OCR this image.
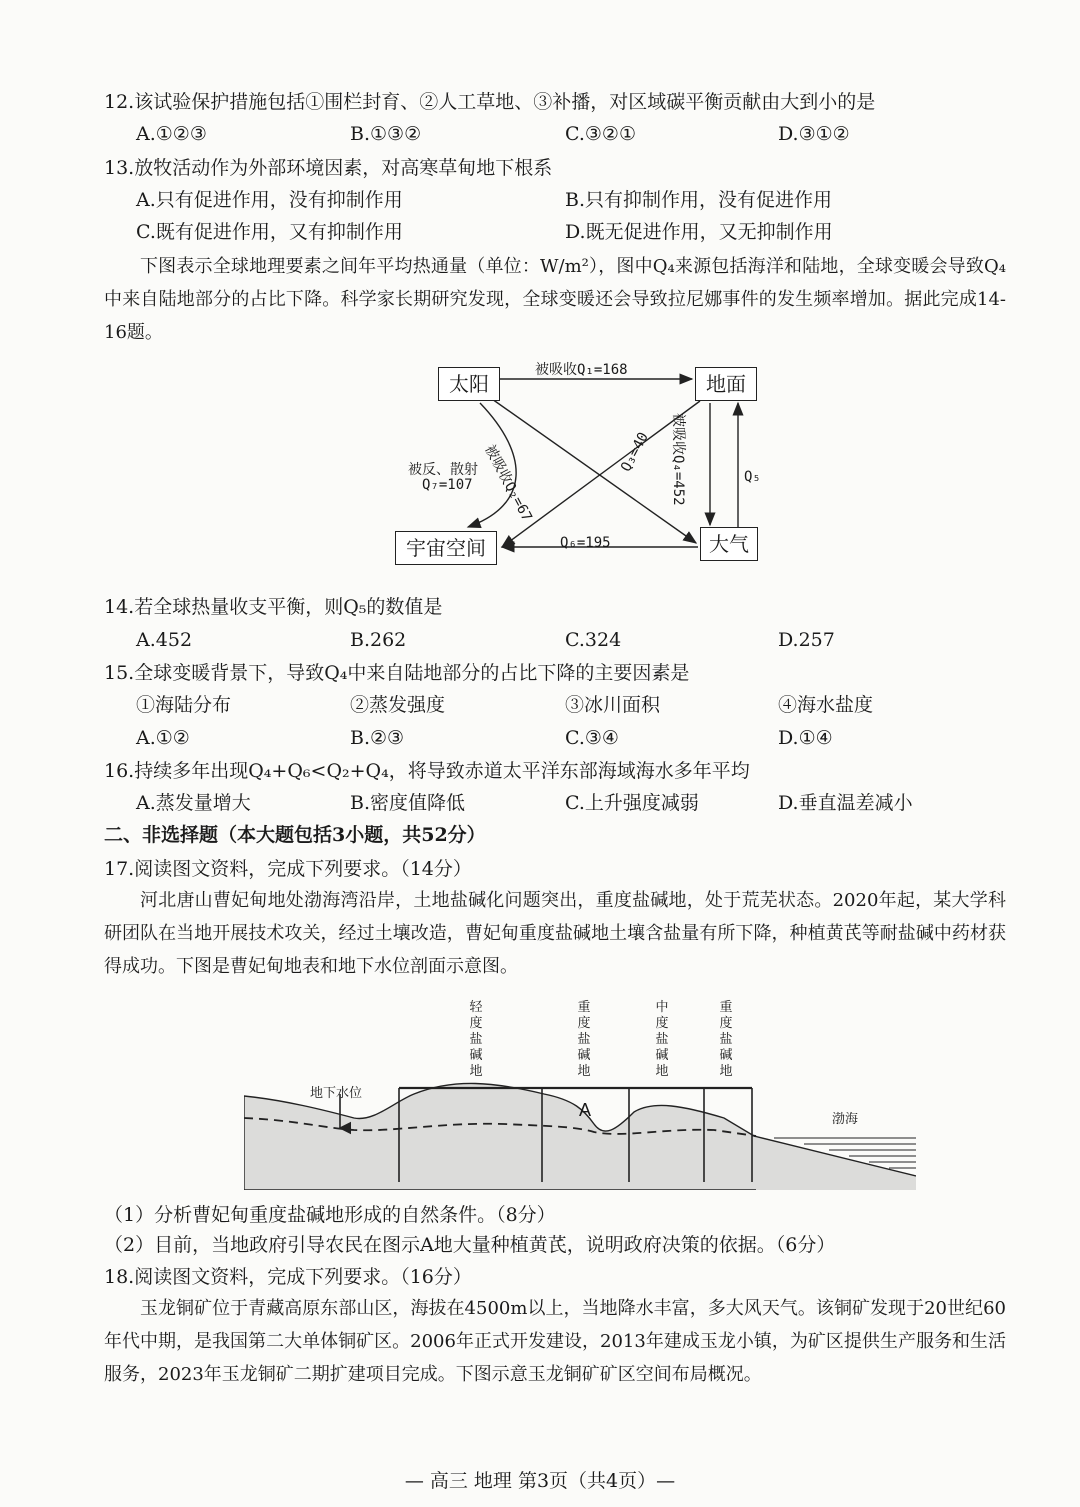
12.该试验保护措施包括①围栏封育、②人工草地、③补播，对区域碳平衡贡献由大到小的是
A.①②③	B.①③②	C.③②①	D.③①②
13.放牧活动作为外部环境因素，对高寒草甸地下根系
A.只有促进作用，没有抑制作用	B.只有抑制作用，没有促进作用
C.既有促进作用，又有抑制作用	D.既无促进作用，又无抑制作用
下图表示全球地理要素之间年平均热通量（单位：W/m²），图中Q₄来源包括海洋和陆地，全球变暖会导致Q₄中来自陆地部分的占比下降。科学家长期研究发现，全球变暖还会导致拉尼娜事件的发生频率增加。据此完成14-16题。
太阳	地面
宇宙空间	大气
被吸收Q₁=168
被吸收Q₂=67	Q₃=40 被吸收Q₄=452	Q₅
Q₆=195
被反、散射
Q₇=107
14.若全球热量收支平衡，则Q₅的数值是
A.452	B.262	C.324	D.257
15.全球变暖背景下，导致Q₄中来自陆地部分的占比下降的主要因素是
①海陆分布	②蒸发强度	③冰川面积	④海水盐度
A.①②	B.②③	C.③④	D.①④
16.持续多年出现Q₄+Q₆<Q₂+Q₄，将导致赤道太平洋东部海域海水多年平均
A.蒸发量增大	B.密度值降低	C.上升强度减弱	D.垂直温差减小
二、非选择题（本大题包括3小题，共52分）
17.阅读图文资料，完成下列要求。（14分）
河北唐山曹妃甸地处渤海湾沿岸，土地盐碱化问题突出，重度盐碱地，处于荒芜状态。2020年起，某大学科研团队在当地开展技术攻关，经过土壤改造，曹妃甸重度盐碱地土壤含盐量有所下降，种植黄芪等耐盐碱中药材获得成功。下图是曹妃甸地表和地下水位剖面示意图。
轻度盐碱地
重度盐碱地
中度盐碱地
重度盐碱地
地下水位
A	渤海
（1）分析曹妃甸重度盐碱地形成的自然条件。（8分）
（2）目前，当地政府引导农民在图示A地大量种植黄芪，说明政府决策的依据。（6分）
18.阅读图文资料，完成下列要求。（16分）
玉龙铜矿位于青藏高原东部山区，海拔在4500m以上，当地降水丰富，多大风天气。该铜矿发现于20世纪60年代中期，是我国第二大单体铜矿区。2006年正式开发建设，2013年建成玉龙小镇，为矿区提供生产服务和生活服务，2023年玉龙铜矿二期扩建项目完成。下图示意玉龙铜矿矿区空间布局概况。
— 高三 地理 第3页（共4页）—
